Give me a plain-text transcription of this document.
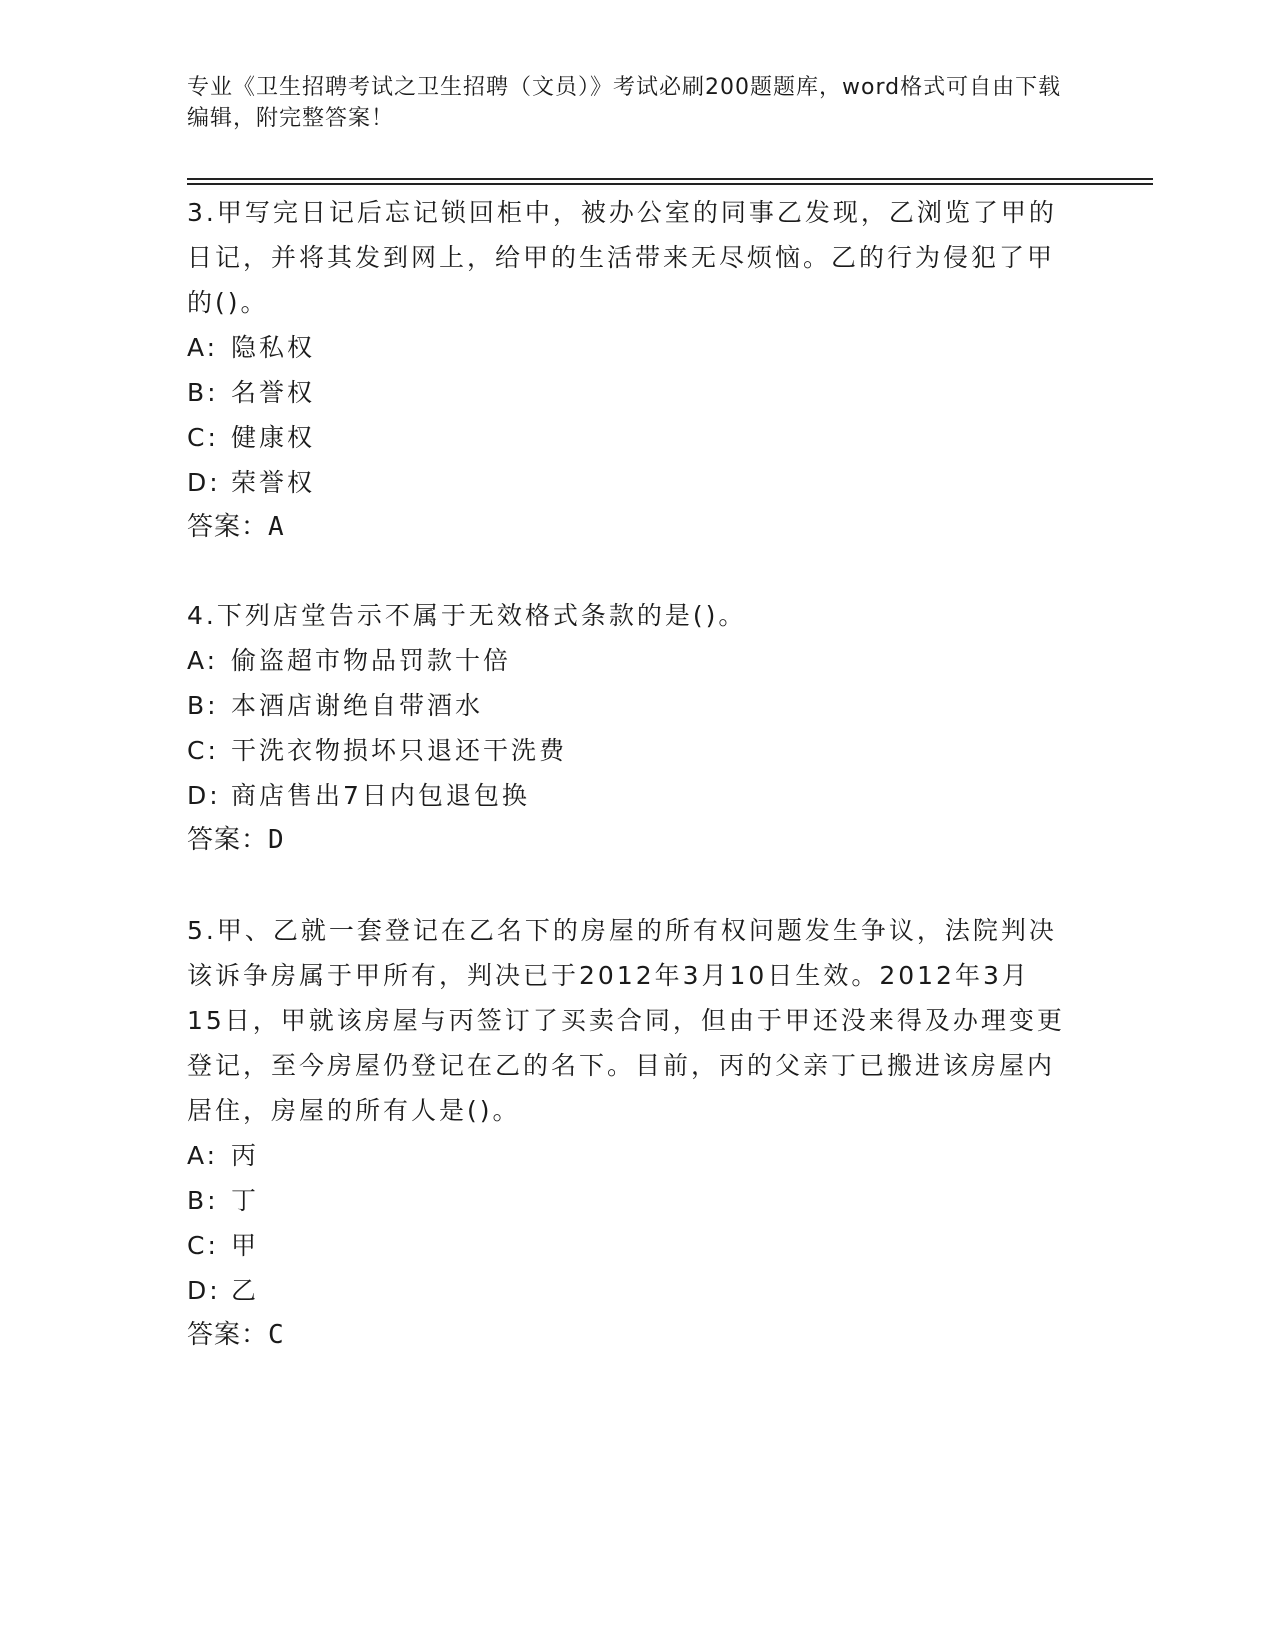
专业《卫生招聘考试之卫生招聘（文员）》考试必刷200题题库，word格式可自由下载编辑，附完整答案！
3.甲写完日记后忘记锁回柜中，被办公室的同事乙发现，乙浏览了甲的日记，并将其发到网上，给甲的生活带来无尽烦恼。乙的行为侵犯了甲的()。
A: 隐私权
B: 名誉权
C: 健康权
D: 荣誉权
答案：A
4.下列店堂告示不属于无效格式条款的是()。
A: 偷盗超市物品罚款十倍
B: 本酒店谢绝自带酒水
C: 干洗衣物损坏只退还干洗费
D: 商店售出7日内包退包换
答案：D
5.甲、乙就一套登记在乙名下的房屋的所有权问题发生争议，法院判决该诉争房属于甲所有，判决已于2012年3月10日生效。2012年3月15日，甲就该房屋与丙签订了买卖合同，但由于甲还没来得及办理变更登记，至今房屋仍登记在乙的名下。目前，丙的父亲丁已搬进该房屋内居住，房屋的所有人是()。
A: 丙
B: 丁
C: 甲
D: 乙
答案：C
